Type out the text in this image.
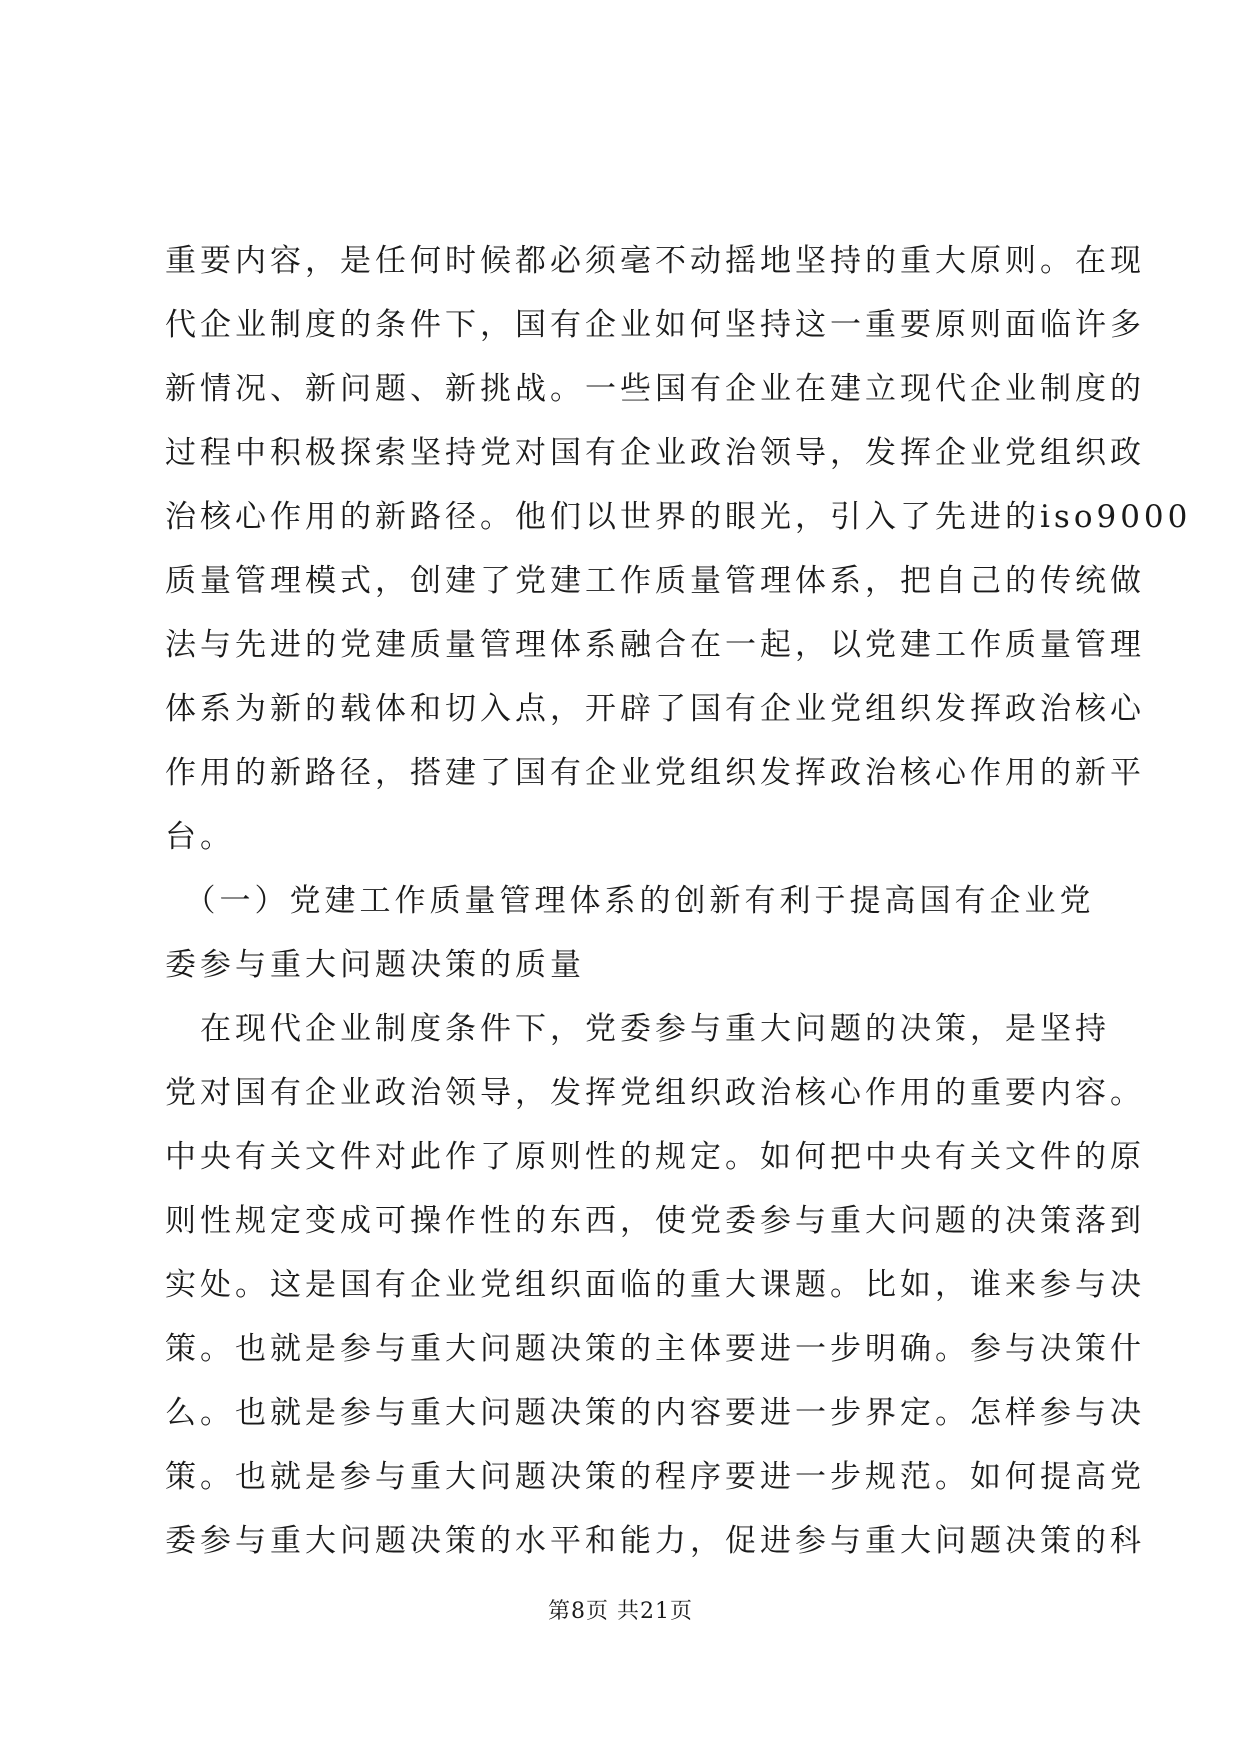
重要内容，是任何时候都必须毫不动摇地坚持的重大原则。在现
代企业制度的条件下，国有企业如何坚持这一重要原则面临许多
新情况、新问题、新挑战。一些国有企业在建立现代企业制度的
过程中积极探索坚持党对国有企业政治领导，发挥企业党组织政
治核心作用的新路径。他们以世界的眼光，引入了先进的iso9000
质量管理模式，创建了党建工作质量管理体系，把自己的传统做
法与先进的党建质量管理体系融合在一起，以党建工作质量管理
体系为新的载体和切入点，开辟了国有企业党组织发挥政治核心
作用的新路径，搭建了国有企业党组织发挥政治核心作用的新平
台。
　（一）党建工作质量管理体系的创新有利于提高国有企业党
委参与重大问题决策的质量
　在现代企业制度条件下，党委参与重大问题的决策，是坚持
党对国有企业政治领导，发挥党组织政治核心作用的重要内容。
中央有关文件对此作了原则性的规定。如何把中央有关文件的原
则性规定变成可操作性的东西，使党委参与重大问题的决策落到
实处。这是国有企业党组织面临的重大课题。比如，谁来参与决
策。也就是参与重大问题决策的主体要进一步明确。参与决策什
么。也就是参与重大问题决策的内容要进一步界定。怎样参与决
策。也就是参与重大问题决策的程序要进一步规范。如何提高党
委参与重大问题决策的水平和能力，促进参与重大问题决策的科
第8页 共21页
